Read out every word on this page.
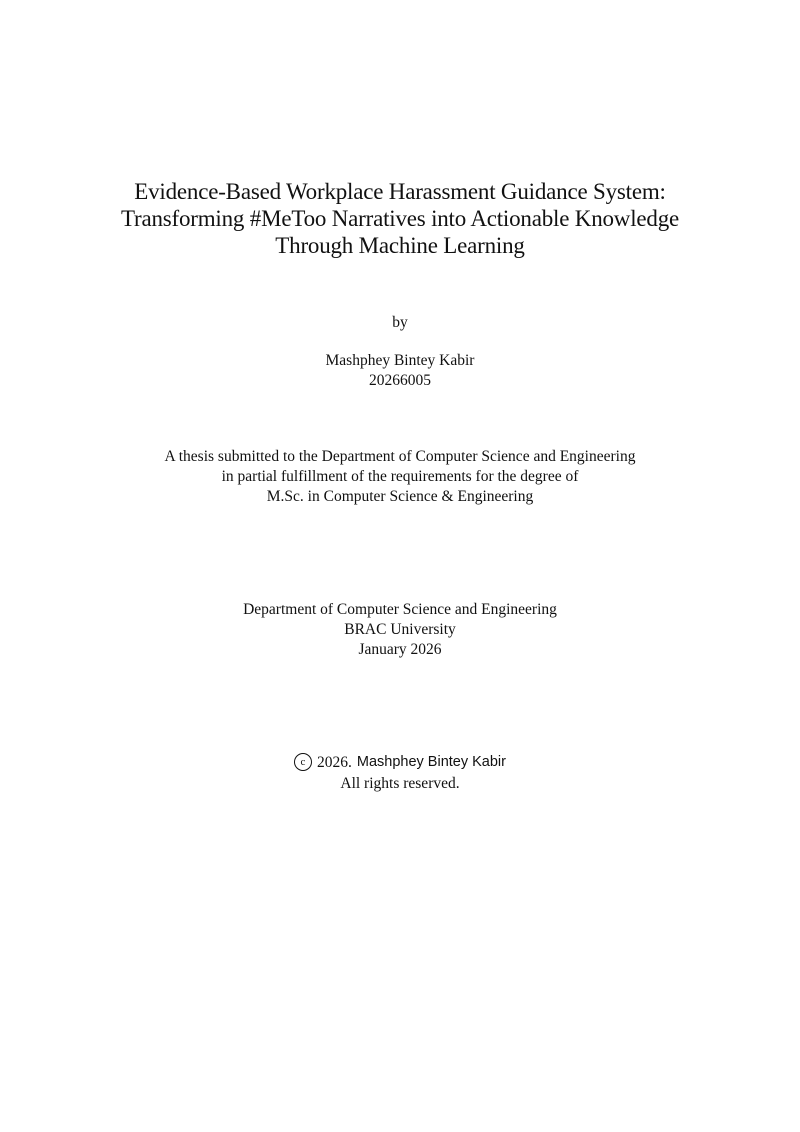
Evidence-Based Workplace Harassment Guidance System:
Transforming #MeToo Narratives into Actionable Knowledge
Through Machine Learning
by
Mashphey Bintey Kabir
20266005
A thesis submitted to the Department of Computer Science and Engineering
in partial fulfillment of the requirements for the degree of
M.Sc. in Computer Science & Engineering
Department of Computer Science and Engineering
BRAC University
January 2026
c 2026. Mashphey Bintey Kabir
All rights reserved.
